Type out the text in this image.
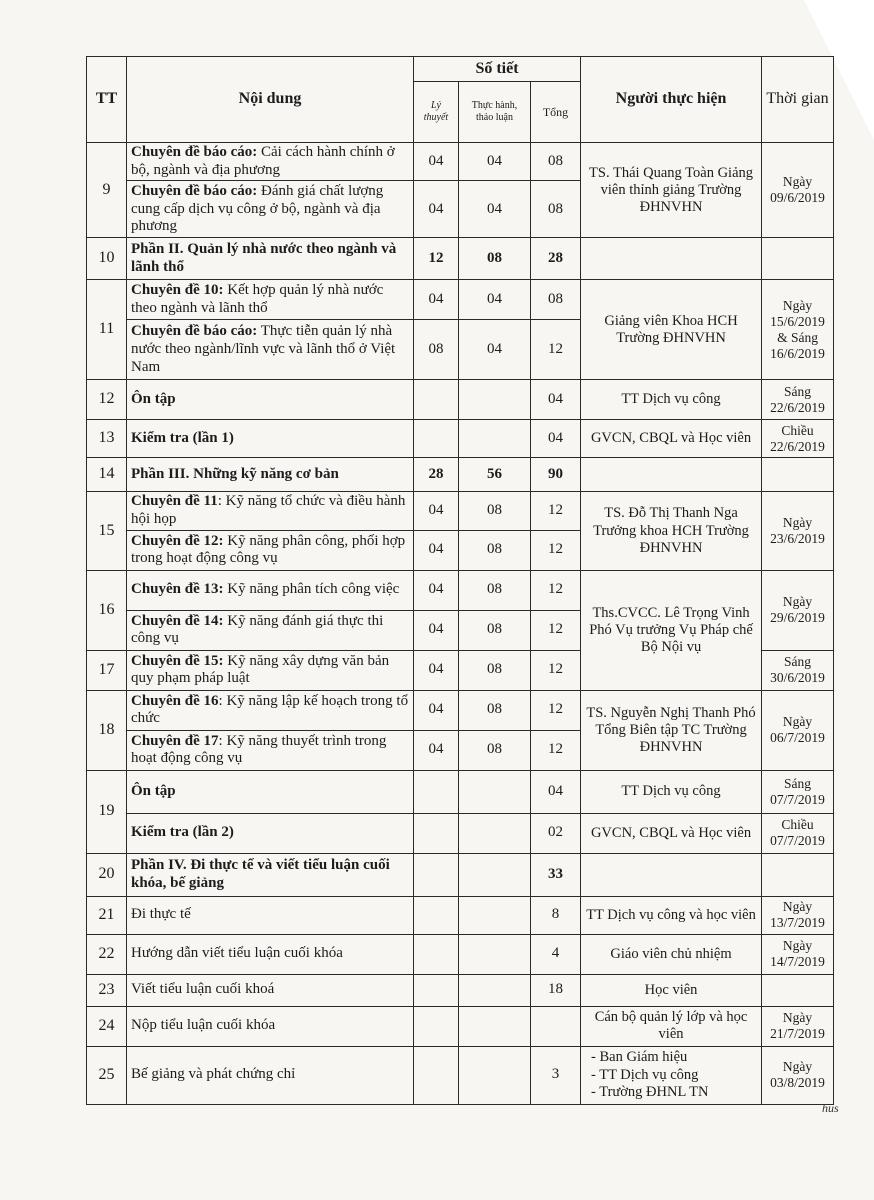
TT	Nội dung	Số tiết			Người thực hiện	Thời gian
		Lý thuyết	Thực hành, thảo luận	Tổng		
9	Chuyên đề báo cáo: Cải cách hành chính ở bộ, ngành và địa phương	04	04	08	TS. Thái Quang Toàn Giảng viên thỉnh giảng Trường ĐHNVHN	Ngày 09/6/2019
	Chuyên đề báo cáo: Đánh giá chất lượng cung cấp dịch vụ công ở bộ, ngành và địa phương	04	04	08		
10	Phần II. Quản lý nhà nước theo ngành và lãnh thổ	12	08	28		
11	Chuyên đề 10: Kết hợp quản lý nhà nước theo ngành và lãnh thổ	04	04	08	Giảng viên Khoa HCH Trường ĐHNVHN	Ngày 15/6/2019 & Sáng 16/6/2019
	Chuyên đề báo cáo: Thực tiễn quản lý nhà nước theo ngành/lĩnh vực và lãnh thổ ở Việt Nam	08	04	12		
12	Ôn tập			04	TT Dịch vụ công	Sáng 22/6/2019
13	Kiểm tra (lần 1)			04	GVCN, CBQL và Học viên	Chiều 22/6/2019
14	Phần III. Những kỹ năng cơ bản	28	56	90		
15	Chuyên đề 11: Kỹ năng tổ chức và điều hành hội họp	04	08	12	TS. Đỗ Thị Thanh Nga Trưởng khoa HCH Trường ĐHNVHN	Ngày 23/6/2019
	Chuyên đề 12: Kỹ năng phân công, phối hợp trong hoạt động công vụ	04	08	12		
16	Chuyên đề 13: Kỹ năng phân tích công việc	04	08	12	Ths.CVCC. Lê Trọng Vinh Phó Vụ trưởng Vụ Pháp chế Bộ Nội vụ	Ngày 29/6/2019
	Chuyên đề 14: Kỹ năng đánh giá thực thi công vụ	04	08	12		
17	Chuyên đề 15: Kỹ năng xây dựng văn bản quy phạm pháp luật	04	08	12		Sáng 30/6/2019
18	Chuyên đề 16: Kỹ năng lập kế hoạch trong tổ chức	04	08	12	TS. Nguyễn Nghị Thanh Phó Tổng Biên tập TC Trường ĐHNVHN	Ngày 06/7/2019
	Chuyên đề 17: Kỹ năng thuyết trình trong hoạt động công vụ	04	08	12		
19	Ôn tập			04	TT Dịch vụ công	Sáng 07/7/2019
	Kiểm tra (lần 2)			02	GVCN, CBQL và Học viên	Chiều 07/7/2019
20	Phần IV. Đi thực tế và viết tiểu luận cuối khóa, bế giảng			33		
21	Đi thực tế			8	TT Dịch vụ công và học viên	Ngày 13/7/2019
22	Hướng dẫn viết tiểu luận cuối khóa			4	Giáo viên chủ nhiệm	Ngày 14/7/2019
23	Viết tiểu luận cuối khoá			18	Học viên	
24	Nộp tiểu luận cuối khóa				Cán bộ quản lý lớp và học viên	Ngày 21/7/2019
25	Bế giảng và phát chứng chỉ			3	- Ban Giám hiệu
- TT Dịch vụ công
- Trường ĐHNL TN	Ngày 03/8/2019
hus
